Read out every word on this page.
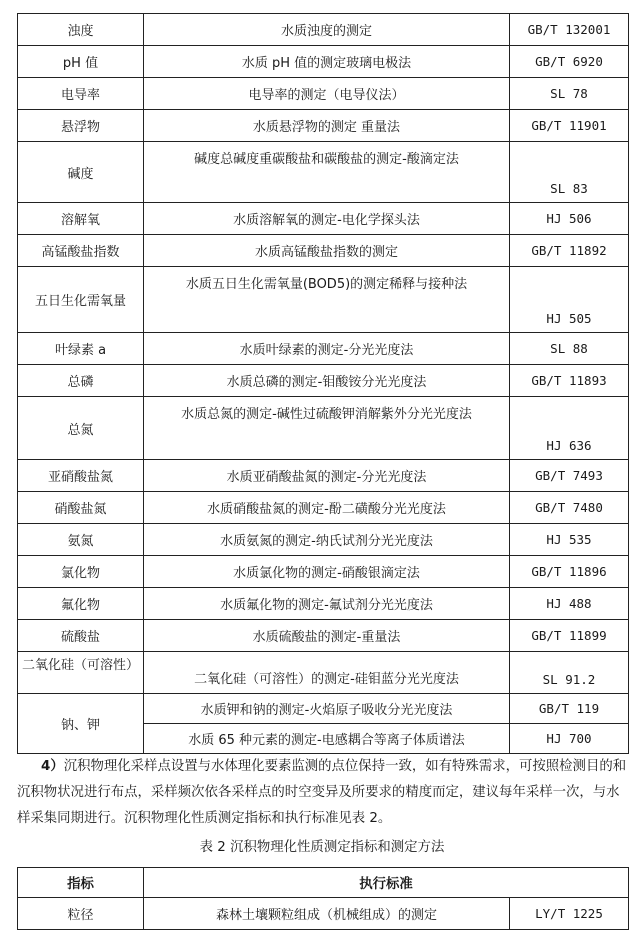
浊度	水质浊度的测定	GB/T 132001
pH 值	水质 pH 值的测定玻璃电极法	GB/T 6920
电导率	电导率的测定（电导仪法）	SL 78
悬浮物	水质悬浮物的测定 重量法	GB/T 11901
碱度	碱度总碱度重碳酸盐和碳酸盐的测定-酸滴定法	SL 83
溶解氧	水质溶解氧的测定-电化学探头法	HJ 506
高锰酸盐指数	水质高锰酸盐指数的测定	GB/T 11892
五日生化需氧量	水质五日生化需氧量(BOD5)的测定稀释与接种法	HJ 505
叶绿素 a	水质叶绿素的测定-分光光度法	SL 88
总磷	水质总磷的测定-钼酸铵分光光度法	GB/T 11893
总氮	水质总氮的测定-碱性过硫酸钾消解紫外分光光度法	HJ 636
亚硝酸盐氮	水质亚硝酸盐氮的测定-分光光度法	GB/T 7493
硝酸盐氮	水质硝酸盐氮的测定-酚二磺酸分光光度法	GB/T 7480
氨氮	水质氨氮的测定-纳氏试剂分光光度法	HJ 535
氯化物	水质氯化物的测定-硝酸银滴定法	GB/T 11896
氟化物	水质氟化物的测定-氟试剂分光光度法	HJ 488
硫酸盐	水质硫酸盐的测定-重量法	GB/T 11899
二氧化硅（可溶性）	二氧化硅（可溶性）的测定-硅钼蓝分光光度法	SL 91.2
钠、钾	水质钾和钠的测定-火焰原子吸收分光光度法	GB/T 119
	水质 65 种元素的测定-电感耦合等离子体质谱法	HJ 700
4）沉积物理化采样点设置与水体理化要素监测的点位保持一致，如有特殊需求，可按照检测目的和沉积物状况进行布点，采样频次依各采样点的时空变异及所要求的精度而定，建议每年采样一次，与水样采集同期进行。沉积物理化性质测定指标和执行标准见表 2。
表 2 沉积物理化性质测定指标和测定方法
指标	执行标准	
粒径	森林土壤颗粒组成（机械组成）的测定	LY/T 1225
